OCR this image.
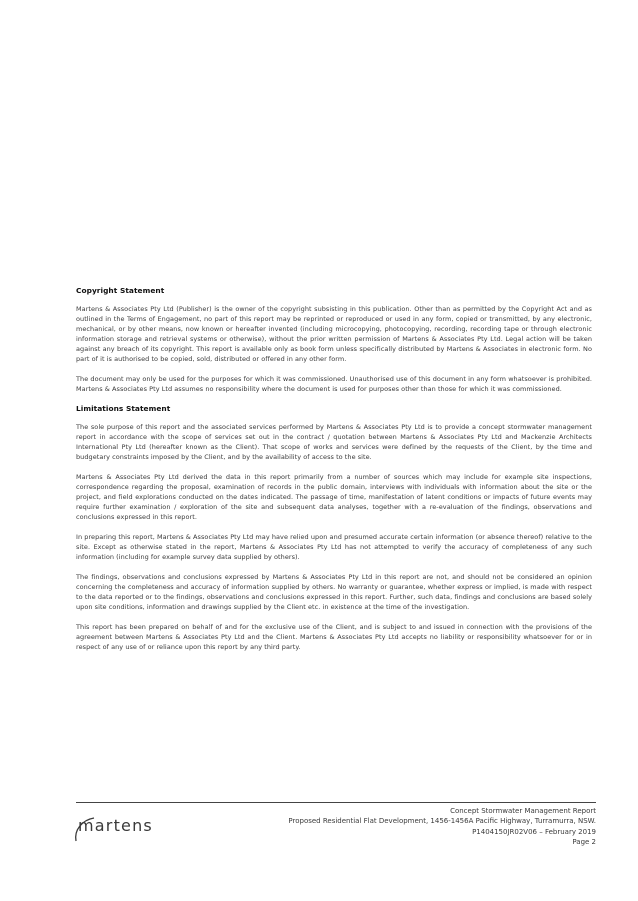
Copyright Statement

Martens & Associates Pty Ltd (Publisher) is the owner of the copyright subsisting in this publication. Other than as permitted by the Copyright Act and as outlined in the Terms of Engagement, no part of this report may be reprinted or reproduced or used in any form, copied or transmitted, by any electronic, mechanical, or by other means, now known or hereafter invented (including microcopying, photocopying, recording, recording tape or through electronic information storage and retrieval systems or otherwise), without the prior written permission of Martens & Associates Pty Ltd. Legal action will be taken against any breach of its copyright. This report is available only as book form unless specifically distributed by Martens & Associates in electronic form. No part of it is authorised to be copied, sold, distributed or offered in any other form.

The document may only be used for the purposes for which it was commissioned. Unauthorised use of this document in any form whatsoever is prohibited. Martens & Associates Pty Ltd assumes no responsibility where the document is used for purposes other than those for which it was commissioned.

Limitations Statement

The sole purpose of this report and the associated services performed by Martens & Associates Pty Ltd is to provide a concept stormwater management report in accordance with the scope of services set out in the contract / quotation between Martens & Associates Pty Ltd and Mackenzie Architects International Pty Ltd (hereafter known as the Client). That scope of works and services were defined by the requests of the Client, by the time and budgetary constraints imposed by the Client, and by the availability of access to the site.

Martens & Associates Pty Ltd derived the data in this report primarily from a number of sources which may include for example site inspections, correspondence regarding the proposal, examination of records in the public domain, interviews with individuals with information about the site or the project, and field explorations conducted on the dates indicated. The passage of time, manifestation of latent conditions or impacts of future events may require further examination / exploration of the site and subsequent data analyses, together with a re-evaluation of the findings, observations and conclusions expressed in this report.

In preparing this report, Martens & Associates Pty Ltd may have relied upon and presumed accurate certain information (or absence thereof) relative to the site. Except as otherwise stated in the report, Martens & Associates Pty Ltd has not attempted to verify the accuracy of completeness of any such information (including for example survey data supplied by others).

The findings, observations and conclusions expressed by Martens & Associates Pty Ltd in this report are not, and should not be considered an opinion concerning the completeness and accuracy of information supplied by others. No warranty or guarantee, whether express or implied, is made with respect to the data reported or to the findings, observations and conclusions expressed in this report. Further, such data, findings and conclusions are based solely upon site conditions, information and drawings supplied by the Client etc. in existence at the time of the investigation.

This report has been prepared on behalf of and for the exclusive use of the Client, and is subject to and issued in connection with the provisions of the agreement between Martens & Associates Pty Ltd and the Client. Martens & Associates Pty Ltd accepts no liability or responsibility whatsoever for or in respect of any use of or reliance upon this report by any third party.

martens
Concept Stormwater Management Report
Proposed Residential Flat Development, 1456-1456A Pacific Highway, Turramurra, NSW.
P1404150JR02V06 – February 2019
Page 2
